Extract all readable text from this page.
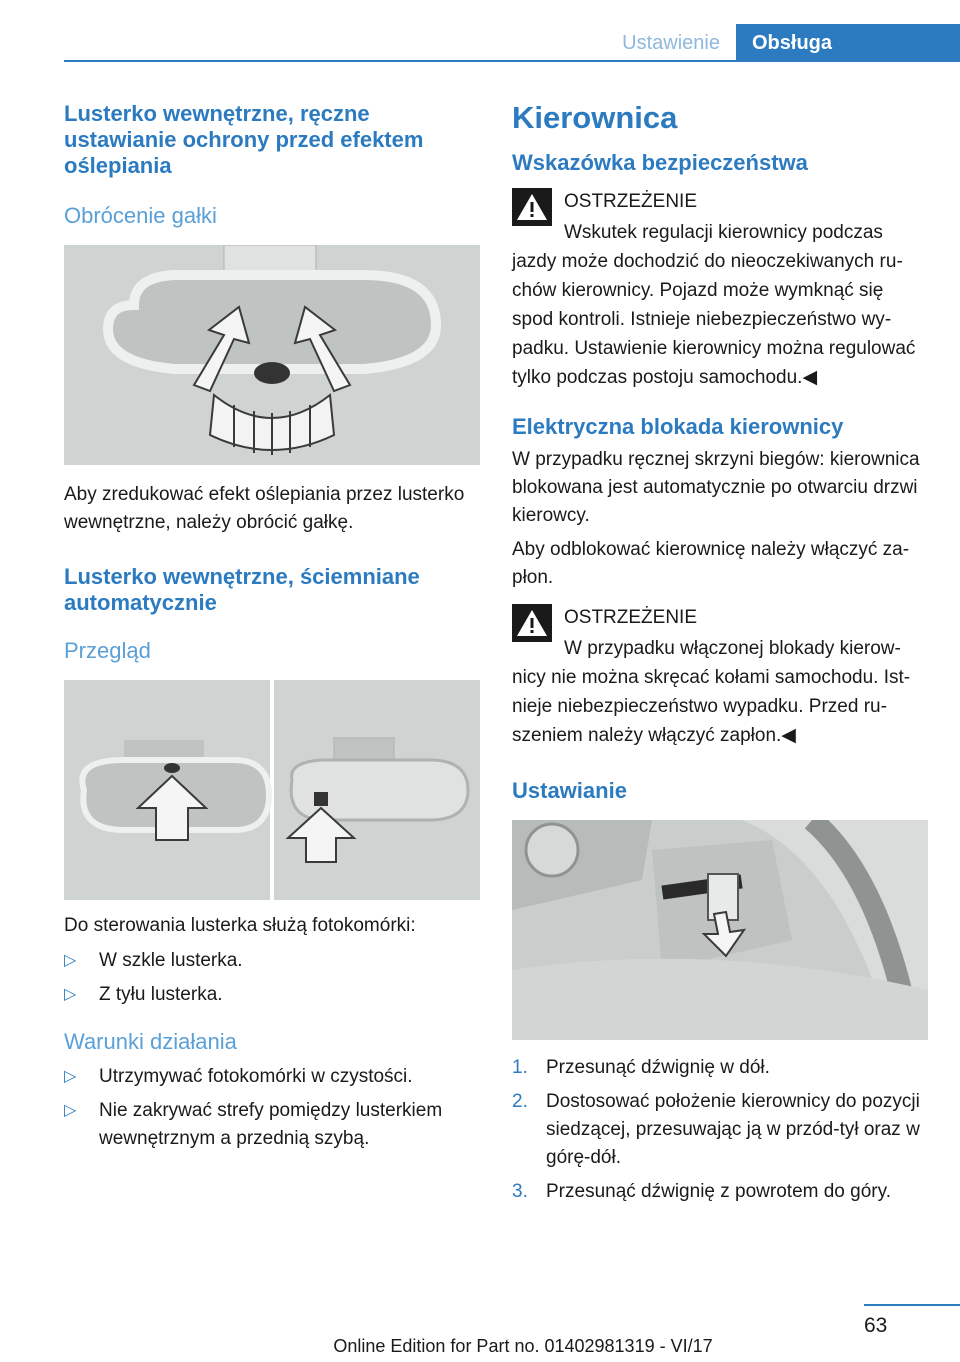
Ustawienie	Obsługa
Lusterko wewnętrzne, ręczne ustawianie ochrony przed efektem oślepiania
Obrócenie gałki

Aby zredukować efekt oślepiania przez lusterko wewnętrzne, należy obrócić gałkę.

Lusterko wewnętrzne, ściemniane automatycznie
Przegląd

Do sterowania lusterka służą fotokomórki:

▷ W szkle lusterka.
▷ Z tyłu lusterka.
Warunki działania
▷ Utrzymywać fotokomórki w czystości.
▷ Nie zakrywać strefy pomiędzy lusterkiem wewnętrznym a przednią szybą.
Kierownica
Wskazówka bezpieczeństwa
OSTRZEŻENIE

Wskutek regulacji kierownicy podczas jazdy może dochodzić do nieoczekiwanych ruchów kierownicy. Pojazd może wymknąć się spod kontroli. Istnieje niebezpieczeństwo wypadku. Ustawienie kierownicy można regulować tylko podczas postoju samochodu.◀

Elektryczna blokada kierownicy

W przypadku ręcznej skrzyni biegów: kierownica blokowana jest automatycznie po otwarciu drzwi kierowcy.

Aby odblokować kierownicę należy włączyć zapłon.

OSTRZEŻENIE

W przypadku włączonej blokady kierownicy nie można skręcać kołami samochodu. Istnieje niebezpieczeństwo wypadku. Przed ruszeniem należy włączyć zapłon.◀

Ustawianie
1. Przesunąć dźwignię w dół.
2. Dostosować położenie kierownicy do pozycji siedzącej, przesuwając ją w przód-tył oraz w górę-dół.
3. Przesunąć dźwignię z powrotem do góry.
63
Online Edition for Part no. 01402981319 - VI/17
